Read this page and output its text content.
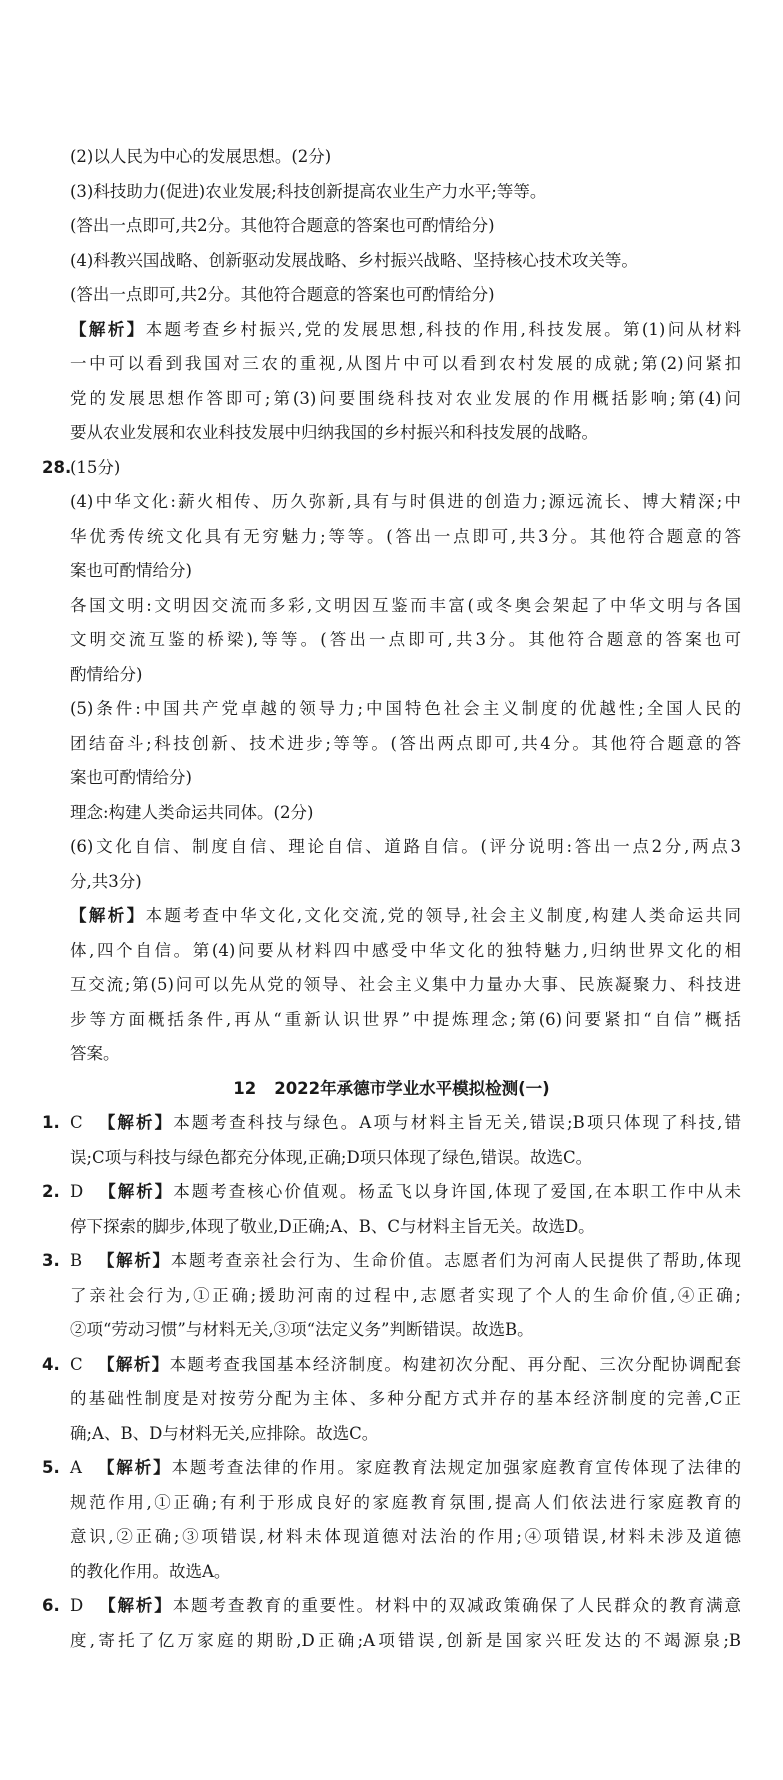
(2)以人民为中心的发展思想。(2分)
(3)科技助力(促进)农业发展;科技创新提高农业生产力水平;等等。
(答出一点即可,共2分。其他符合题意的答案也可酌情给分)
(4)科教兴国战略、创新驱动发展战略、乡村振兴战略、坚持核心技术攻关等。
(答出一点即可,共2分。其他符合题意的答案也可酌情给分)
【解析】本题考查乡村振兴,党的发展思想,科技的作用,科技发展。第(1)问从材料
一中可以看到我国对三农的重视,从图片中可以看到农村发展的成就;第(2)问紧扣
党的发展思想作答即可;第(3)问要围绕科技对农业发展的作用概括影响;第(4)问
要从农业发展和农业科技发展中归纳我国的乡村振兴和科技发展的战略。
28.(15分)
(4)中华文化:薪火相传、历久弥新,具有与时俱进的创造力;源远流长、博大精深;中
华优秀传统文化具有无穷魅力;等等。(答出一点即可,共3分。其他符合题意的答
案也可酌情给分)
各国文明:文明因交流而多彩,文明因互鉴而丰富(或冬奥会架起了中华文明与各国
文明交流互鉴的桥梁),等等。(答出一点即可,共3分。其他符合题意的答案也可
酌情给分)
(5)条件:中国共产党卓越的领导力;中国特色社会主义制度的优越性;全国人民的
团结奋斗;科技创新、技术进步;等等。(答出两点即可,共4分。其他符合题意的答
案也可酌情给分)
理念:构建人类命运共同体。(2分)
(6)文化自信、制度自信、理论自信、道路自信。(评分说明:答出一点2分,两点3
分,共3分)
【解析】本题考查中华文化,文化交流,党的领导,社会主义制度,构建人类命运共同
体,四个自信。第(4)问要从材料四中感受中华文化的独特魅力,归纳世界文化的相
互交流;第(5)问可以先从党的领导、社会主义集中力量办大事、民族凝聚力、科技进
步等方面概括条件,再从“重新认识世界”中提炼理念;第(6)问要紧扣“自信”概括
答案。
12 2022年承德市学业水平模拟检测(一)
1. C 【解析】本题考查科技与绿色。A项与材料主旨无关,错误;B项只体现了科技,错
误;C项与科技与绿色都充分体现,正确;D项只体现了绿色,错误。故选C。
2. D 【解析】本题考查核心价值观。杨孟飞以身许国,体现了爱国,在本职工作中从未
停下探索的脚步,体现了敬业,D正确;A、B、C与材料主旨无关。故选D。
3. B 【解析】本题考查亲社会行为、生命价值。志愿者们为河南人民提供了帮助,体现
了亲社会行为,①正确;援助河南的过程中,志愿者实现了个人的生命价值,④正确;
②项“劳动习惯”与材料无关,③项“法定义务”判断错误。故选B。
4. C 【解析】本题考查我国基本经济制度。构建初次分配、再分配、三次分配协调配套
的基础性制度是对按劳分配为主体、多种分配方式并存的基本经济制度的完善,C正
确;A、B、D与材料无关,应排除。故选C。
5. A 【解析】本题考查法律的作用。家庭教育法规定加强家庭教育宣传体现了法律的
规范作用,①正确;有利于形成良好的家庭教育氛围,提高人们依法进行家庭教育的
意识,②正确;③项错误,材料未体现道德对法治的作用;④项错误,材料未涉及道德
的教化作用。故选A。
6. D 【解析】本题考查教育的重要性。材料中的双减政策确保了人民群众的教育满意
度,寄托了亿万家庭的期盼,D正确;A项错误,创新是国家兴旺发达的不竭源泉;B
